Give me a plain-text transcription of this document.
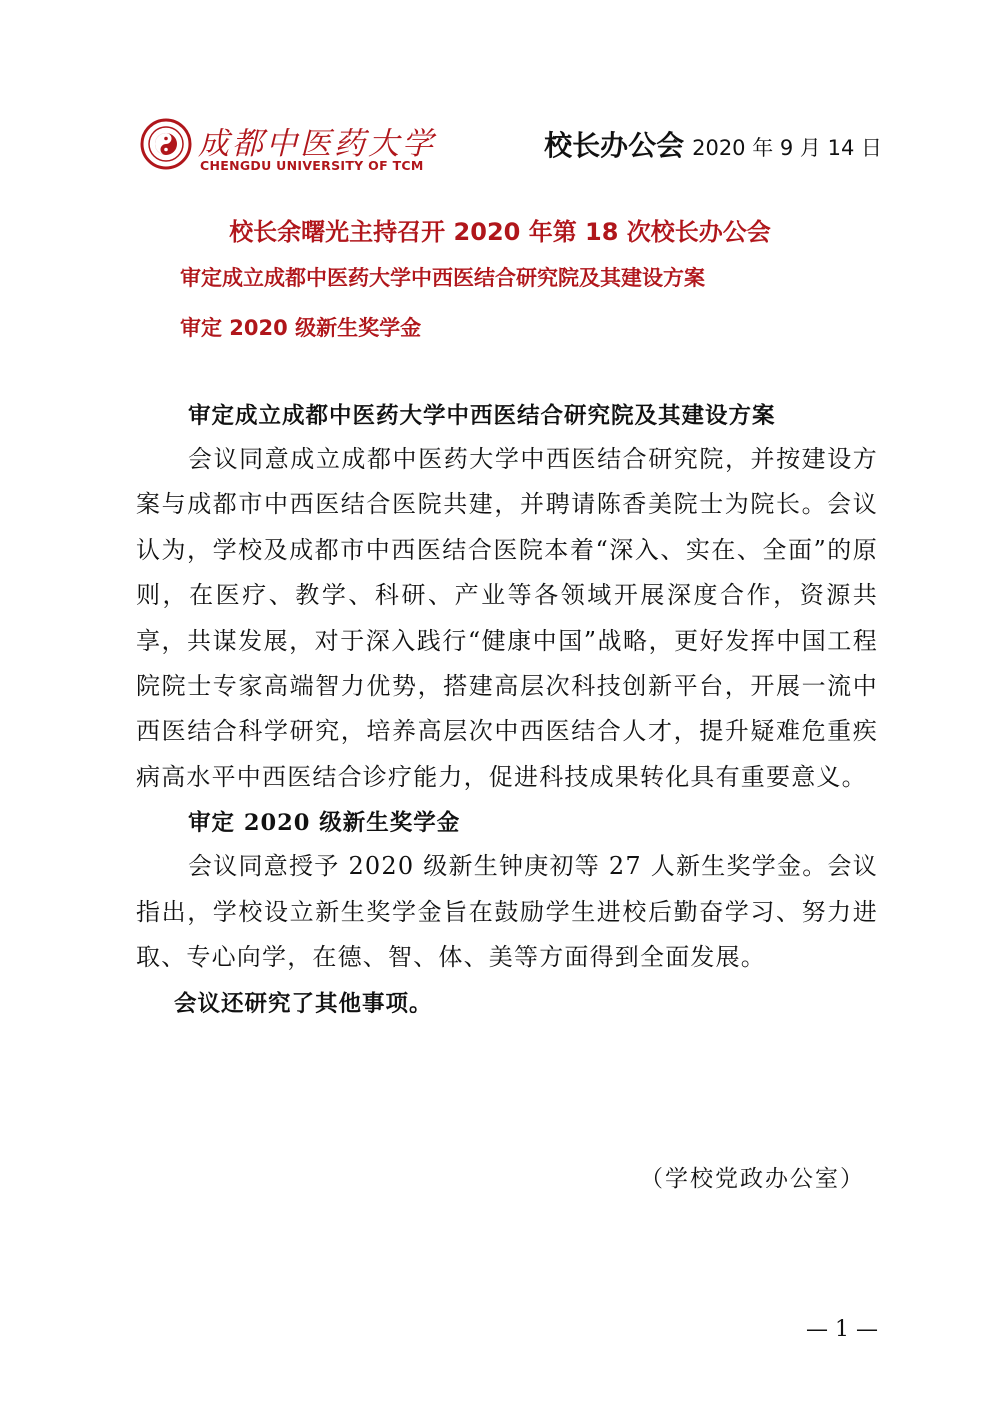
成都中医药大学
CHENGDU UNIVERSITY OF TCM
校长办公会 2020 年 9 月 14 日
校长余曙光主持召开 2020 年第 18 次校长办公会
审定成立成都中医药大学中西医结合研究院及其建设方案
审定 2020 级新生奖学金
审定成立成都中医药大学中西医结合研究院及其建设方案

会议同意成立成都中医药大学中西医结合研究院，并按建设方案与成都市中西医结合医院共建，并聘请陈香美院士为院长。会议认为，学校及成都市中西医结合医院本着“深入、实在、全面”的原则，在医疗、教学、科研、产业等各领域开展深度合作，资源共享，共谋发展，对于深入践行“健康中国”战略，更好发挥中国工程院院士专家高端智力优势，搭建高层次科技创新平台，开展一流中西医结合科学研究，培养高层次中西医结合人才，提升疑难危重疾病高水平中西医结合诊疗能力，促进科技成果转化具有重要意义。

审定 2020 级新生奖学金

会议同意授予 2020 级新生钟庚初等 27 人新生奖学金。会议指出，学校设立新生奖学金旨在鼓励学生进校后勤奋学习、努力进取、专心向学，在德、智、体、美等方面得到全面发展。

会议还研究了其他事项。
（学校党政办公室）
— 1 —
